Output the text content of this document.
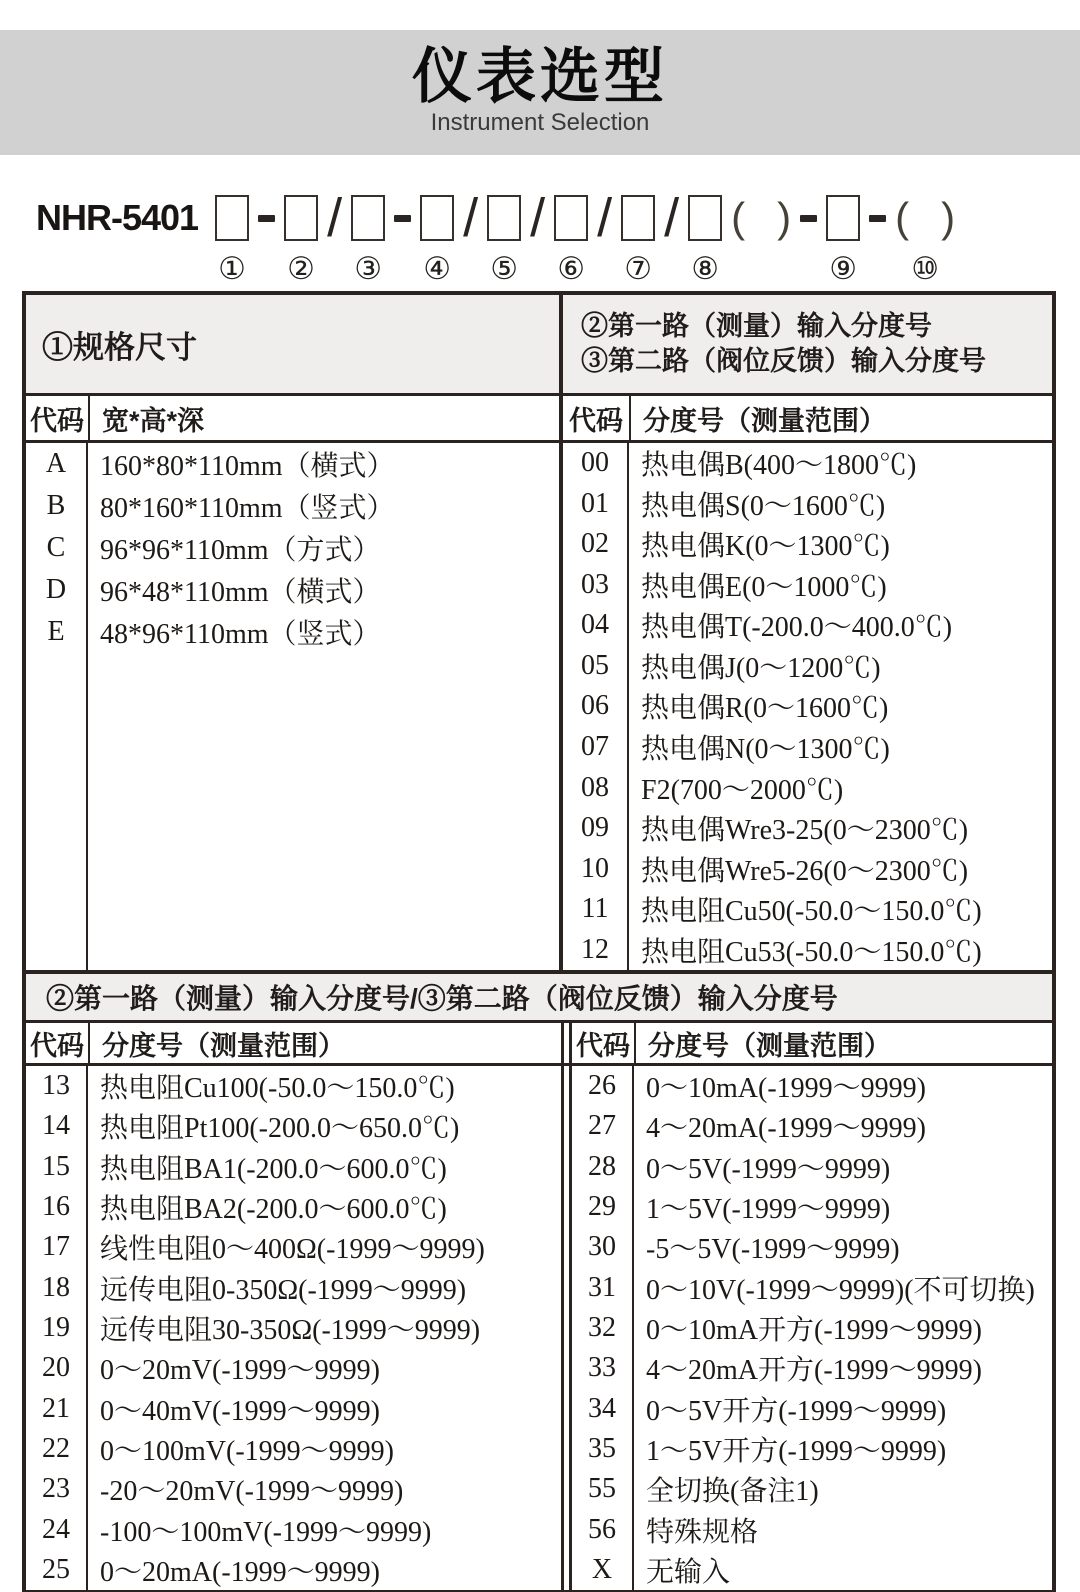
仪表选型
Instrument Selection
NHR-5401
① ②
/
③ ④
/
⑤
/
⑥
/
⑦
/
⑧
( )
⑨
( )
⑩
①规格尺寸
②第一路（测量）输入分度号
③第二路（阀位反馈）输入分度号
代码 宽*高*深	代码 分度号（测量范围）
A
B
C
D
E
160*80*110mm（横式）
80*160*110mm（竖式）
96*96*110mm（方式）
96*48*110mm（横式）
48*96*110mm（竖式）
00
01
02
03
04
05
06
07
08
09
10
11
12
热电偶B(400～1800℃)
热电偶S(0～1600℃)
热电偶K(0～1300℃)
热电偶E(0～1000℃)
热电偶T(-200.0～400.0℃)
热电偶J(0～1200℃)
热电偶R(0～1600℃)
热电偶N(0～1300℃)
F2(700～2000℃)
热电偶Wre3-25(0～2300℃)
热电偶Wre5-26(0～2300℃)
热电阻Cu50(-50.0～150.0℃)
热电阻Cu53(-50.0～150.0℃)
②第一路（测量）输入分度号/③第二路（阀位反馈）输入分度号
代码 分度号（测量范围）	代码 分度号（测量范围）
13
14
15
16
17
18
19
20
21
22
23
24
25
热电阻Cu100(-50.0～150.0℃)
热电阻Pt100(-200.0～650.0℃)
热电阻BA1(-200.0～600.0℃)
热电阻BA2(-200.0～600.0℃)
线性电阻0～400Ω(-1999～9999)
远传电阻0-350Ω(-1999～9999)
远传电阻30-350Ω(-1999～9999)
0～20mV(-1999～9999)
0～40mV(-1999～9999)
0～100mV(-1999～9999)
-20～20mV(-1999～9999)
-100～100mV(-1999～9999)
0～20mA(-1999～9999)
26
27
28
29
30
31
32
33
34
35
55
56
X
0～10mA(-1999～9999)
4～20mA(-1999～9999)
0～5V(-1999～9999)
1～5V(-1999～9999)
-5～5V(-1999～9999)
0～10V(-1999～9999)(不可切换)
0～10mA开方(-1999～9999)
4～20mA开方(-1999～9999)
0～5V开方(-1999～9999)
1～5V开方(-1999～9999)
全切换(备注1)
特殊规格
无输入
